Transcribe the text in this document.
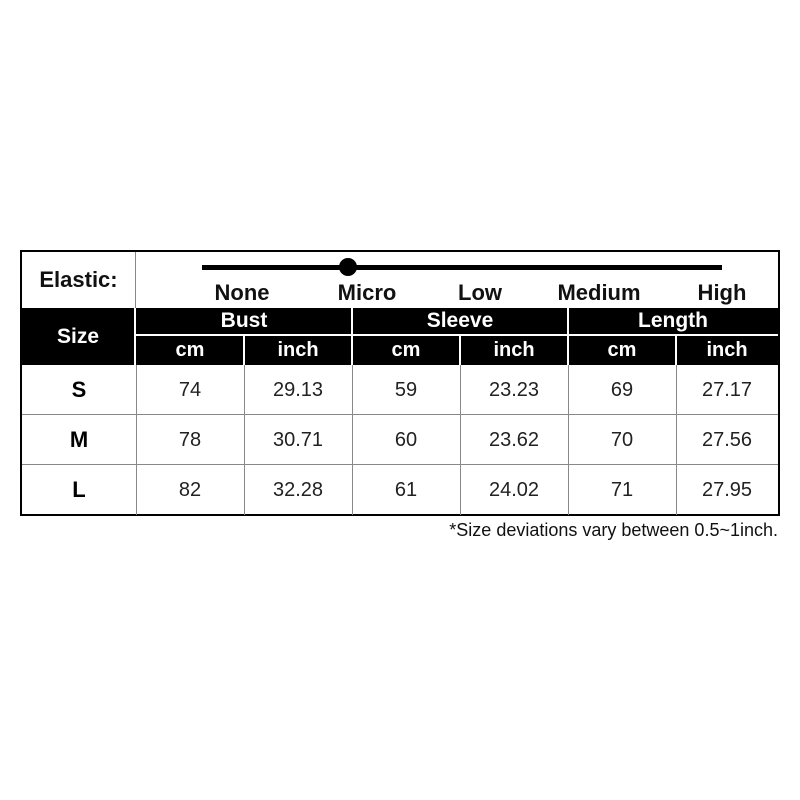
Elastic:
None	Micro	Low	Medium	High
Size
Bust	Sleeve	Length
cm	inch	cm	inch	cm	inch
S	74	29.13	59	23.23	69	27.17
M	78	30.71	60	23.62	70	27.56
L	82	32.28	61	24.02	71	27.95
*Size deviations vary between 0.5~1inch.
